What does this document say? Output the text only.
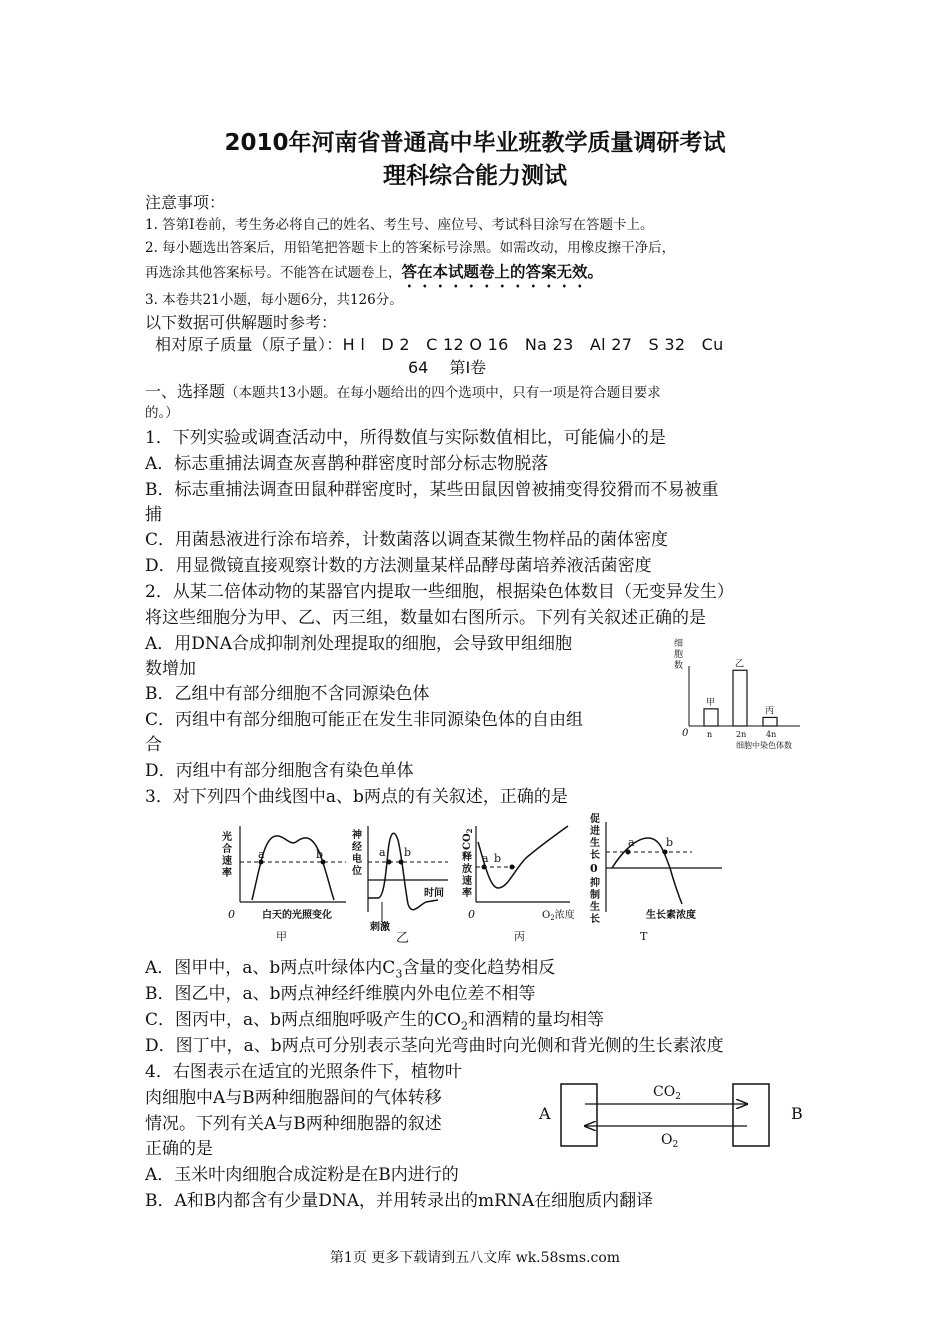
2010年河南省普通高中毕业班教学质量调研考试
理科综合能力测试
注意事项：
1. 答第Ⅰ卷前，考生务必将自己的姓名、考生号、座位号、考试科目涂写在答题卡上。
2. 每小题选出答案后，用铅笔把答题卡上的答案标号涂黑。如需改动，用橡皮擦干净后，
再选涂其他答案标号。不能答在试题卷上，答在本试题卷上的答案无效。
3. 本卷共21小题，每小题6分，共126分。
以下数据可供解题时参考：
相对原子质量（原子量）：H l　D 2　C 12 O 16　Na 23　Al 27　S 32　Cu
64　 第Ⅰ卷
一、选择题（本题共13小题。在每小题给出的四个选项中，只有一项是符合题目要求
的。）
1．下列实验或调查活动中，所得数值与实际数值相比，可能偏小的是
A．标志重捕法调查灰喜鹊种群密度时部分标志物脱落
B．标志重捕法调查田鼠种群密度时，某些田鼠因曾被捕变得狡猾而不易被重
捕
C．用菌悬液进行涂布培养，计数菌落以调查某微生物样品的菌体密度
D．用显微镜直接观察计数的方法测量某样品酵母菌培养液活菌密度
2．从某二倍体动物的某器官内提取一些细胞，根据染色体数目（无变异发生）
将这些细胞分为甲、乙、丙三组，数量如右图所示。下列有关叙述正确的是
A．用DNA合成抑制剂处理提取的细胞，会导致甲组细胞
数增加
B．乙组中有部分细胞不含同源染色体
C．丙组中有部分细胞可能正在发生非同源染色体的自由组
合
D．丙组中有部分细胞含有染色单体
细
胞
数
0
细胞中染色体数
甲
n
乙
2n
丙
4n
3．对下列四个曲线图中a、b两点的有关叙述，正确的是
光
合
速
率
a	b
0	白天的光照变化
甲
神
经
电
位
a b
时间
刺激
乙
$CO_2$
释
放
速
率
a b
0	$O_2$浓度
丙
促
进
生
长
0
抑
制
生
长
a	b
生长素浓度
T
A．图甲中，a、b两点叶绿体内$C_3$含量的变化趋势相反
B．图乙中，a、b两点神经纤维膜内外电位差不相等
C．图丙中，a、b两点细胞呼吸产生的$CO_2$和酒精的量均相等
D．图丁中，a、b两点可分别表示茎向光弯曲时向光侧和背光侧的生长素浓度
4．右图表示在适宜的光照条件下，植物叶
肉细胞中A与B两种细胞器间的气体转移
情况。下列有关A与B两种细胞器的叙述
正确的是
A．玉米叶肉细胞合成淀粉是在B内进行的
B．A和B内都含有少量DNA，并用转录出的mRNA在细胞质内翻译
A	B
$CO_2$
$O_2$
第1页 更多下载请到五八文库 wk.58sms.com
